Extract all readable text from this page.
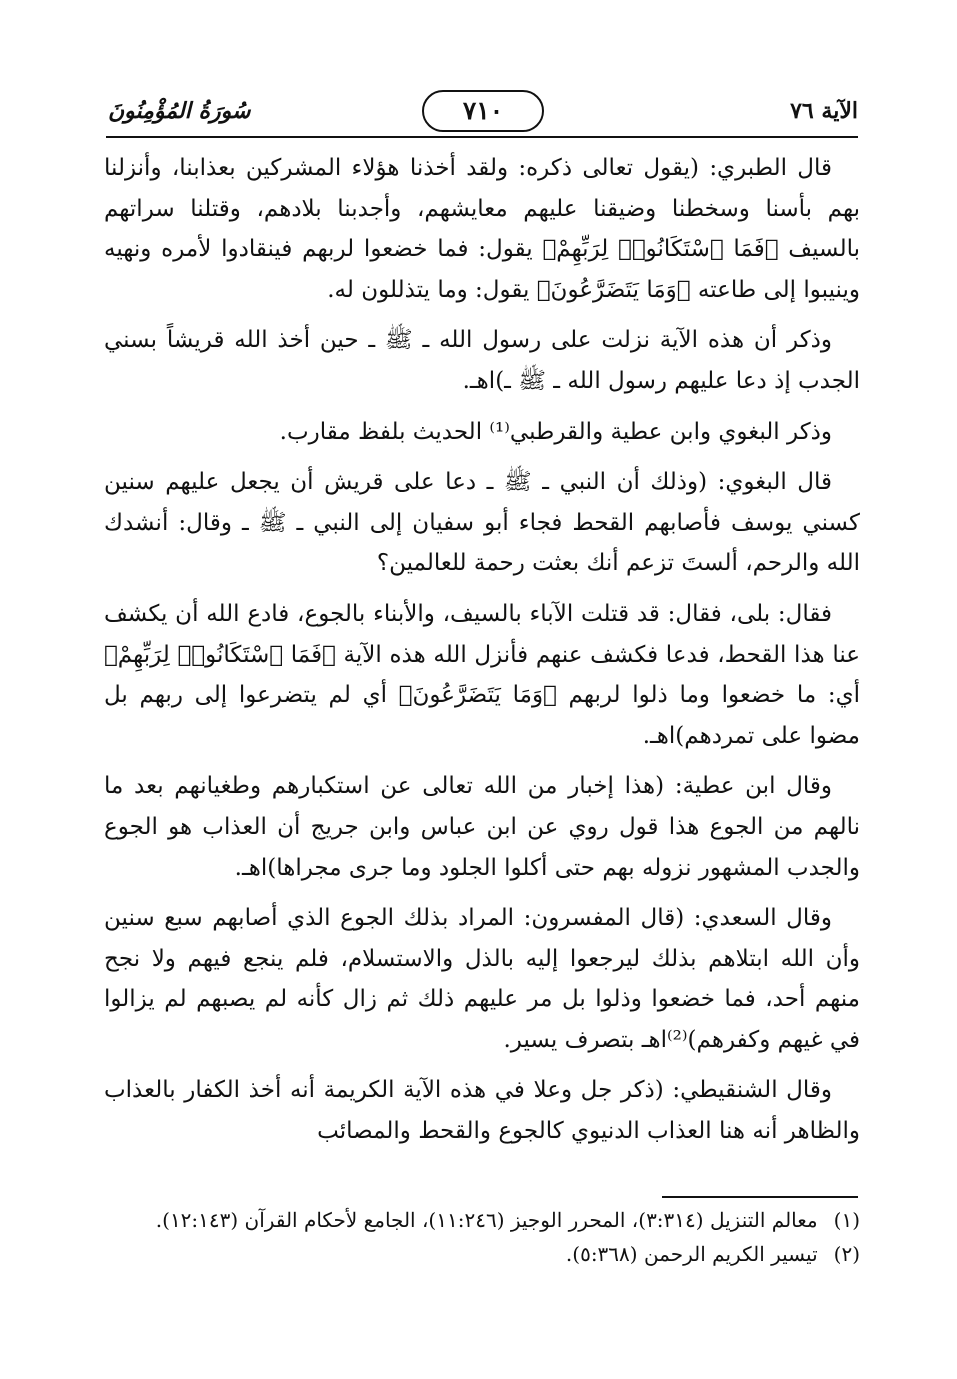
الآية ٧٦
٧١٠
سُورَةُ المُؤْمِنُونَ

قال الطبري: (يقول تعالى ذكره: ولقد أخذنا هؤلاء المشركين بعذابنا، وأنزلنا بهم بأسنا وسخطنا وضيقنا عليهم معايشهم، وأجدبنا بلادهم، وقتلنا سراتهم بالسيف ﴿فَمَا ٱسْتَكَانُوا۟ لِرَبِّهِمْ﴾ يقول: فما خضعوا لربهم فينقادوا لأمره ونهيه وينيبوا إلى طاعته ﴿وَمَا يَتَضَرَّعُونَ﴾ يقول: وما يتذللون له.

وذكر أن هذه الآية نزلت على رسول الله ـ ﷺ ـ حين أخذ الله قريشاً بسني الجدب إذ دعا عليهم رسول الله ـ ﷺ ـ)اهـ.

وذكر البغوي وابن عطية والقرطبي⁽¹⁾ الحديث بلفظ مقارب.

قال البغوي: (وذلك أن النبي ـ ﷺ ـ دعا على قريش أن يجعل عليهم سنين كسني يوسف فأصابهم القحط فجاء أبو سفيان إلى النبي ـ ﷺ ـ وقال: أنشدك الله والرحم، ألستَ تزعم أنك بعثت رحمة للعالمين؟

فقال: بلى، فقال: قد قتلت الآباء بالسيف، والأبناء بالجوع، فادع الله أن يكشف عنا هذا القحط، فدعا فكشف عنهم فأنزل الله هذه الآية ﴿فَمَا ٱسْتَكَانُوا۟ لِرَبِّهِمْ﴾ أي: ما خضعوا وما ذلوا لربهم ﴿وَمَا يَتَضَرَّعُونَ﴾ أي لم يتضرعوا إلى ربهم بل مضوا على تمردهم)اهـ.

وقال ابن عطية: (هذا إخبار من الله تعالى عن استكبارهم وطغيانهم بعد ما نالهم من الجوع هذا قول روي عن ابن عباس وابن جريج أن العذاب هو الجوع والجدب المشهور نزوله بهم حتى أكلوا الجلود وما جرى مجراها)اهـ.

وقال السعدي: (قال المفسرون: المراد بذلك الجوع الذي أصابهم سبع سنين وأن الله ابتلاهم بذلك ليرجعوا إليه بالذل والاستسلام، فلم ينجع فيهم ولا نجح منهم أحد، فما خضعوا وذلوا بل مر عليهم ذلك ثم زال كأنه لم يصبهم لم يزالوا في غيهم وكفرهم)⁽²⁾اهـ بتصرف يسير.

وقال الشنقيطي: (ذكر جل وعلا في هذه الآية الكريمة أنه أخذ الكفار بالعذاب والظاهر أنه هنا العذاب الدنيوي كالجوع والقحط والمصائب

(١) معالم التنزيل (٣:٣١٤)، المحرر الوجيز (١١:٢٤٦)، الجامع لأحكام القرآن (١٢:١٤٣).
(٢) تيسير الكريم الرحمن (٥:٣٦٨).
